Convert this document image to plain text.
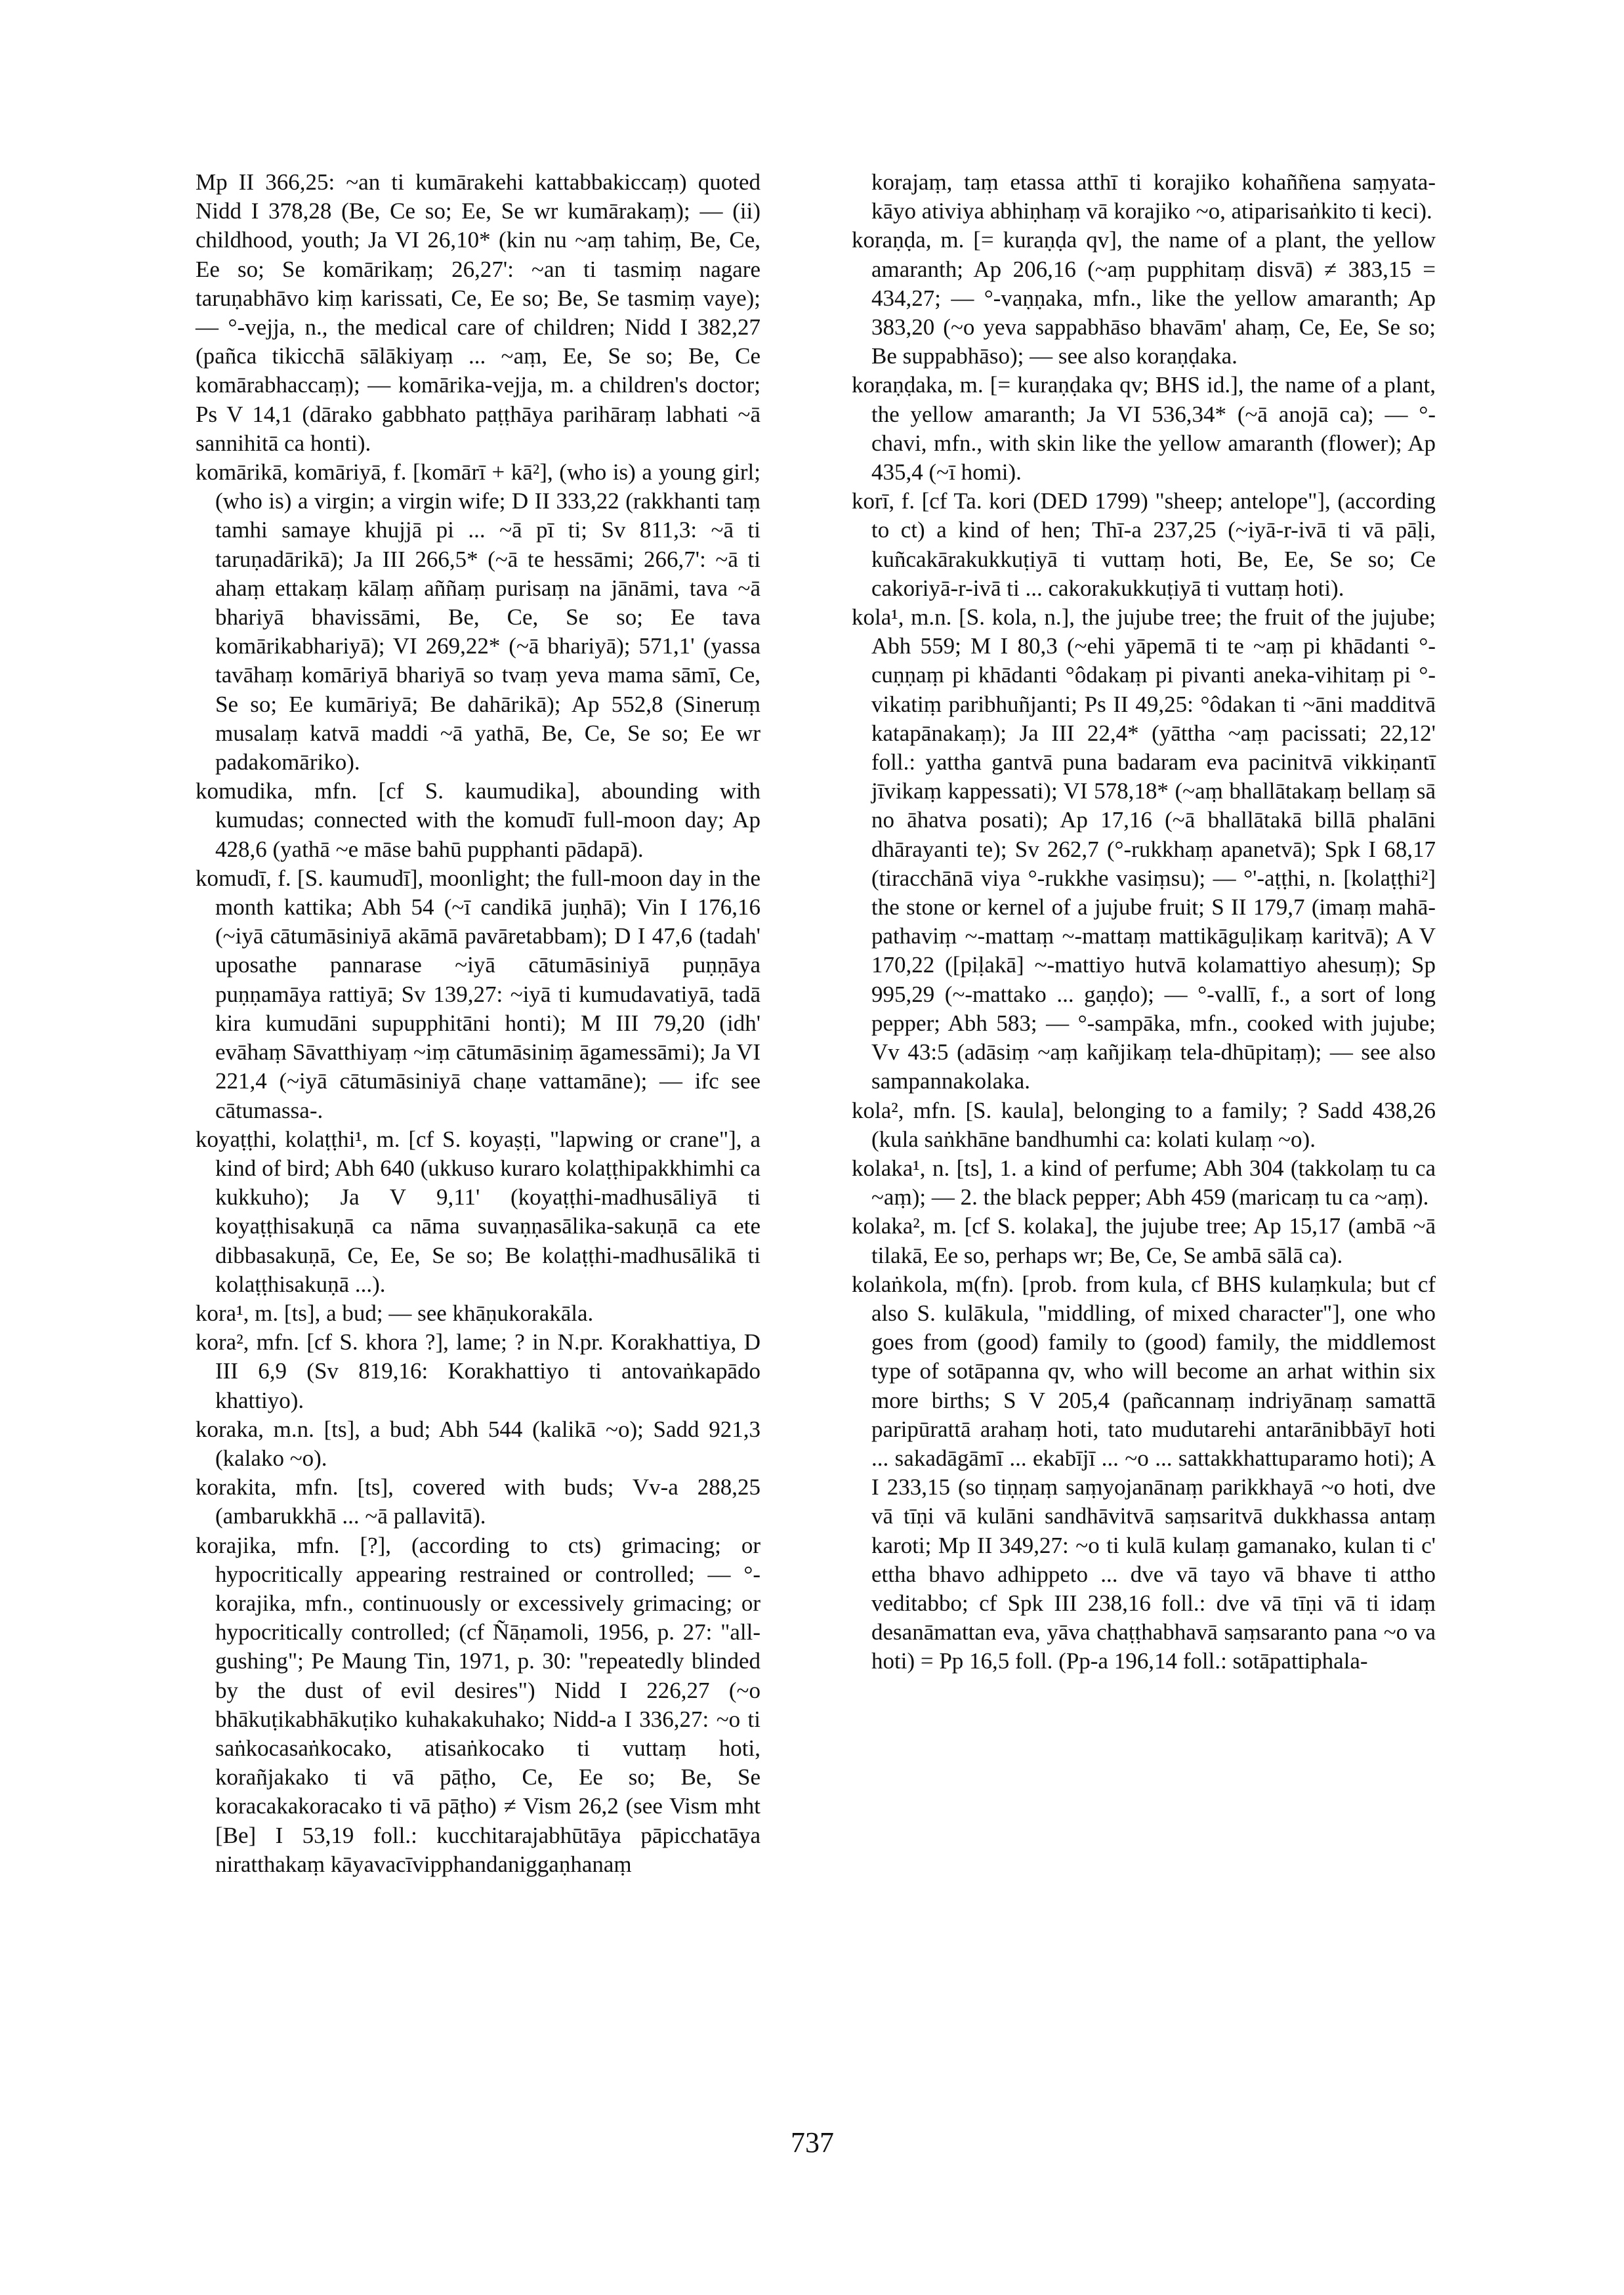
Mp II 366,25: ~an ti kumārakehi kattabbakiccaṃ) quoted Nidd I 378,28 (Be, Ce so; Ee, Se wr kumārakaṃ); — (ii) childhood, youth; Ja VI 26,10* (kin nu ~aṃ tahiṃ, Be, Ce, Ee so; Se komārikaṃ; 26,27': ~an ti tasmiṃ nagare taruṇabhāvo kiṃ karissati, Ce, Ee so; Be, Se tasmiṃ vaye); — °-vejja, n., the medical care of children; Nidd I 382,27 (pañca tikicchā sālākiyaṃ ... ~aṃ, Ee, Se so; Be, Ce komārabhaccaṃ); — komārika-vejja, m. a children's doctor; Ps V 14,1 (dārako gabbhato paṭṭhāya parihāraṃ labhati ~ā sannihitā ca honti).

komārikā, komāriyā, f. [komārī + kā²], (who is) a young girl; (who is) a virgin; a virgin wife; D II 333,22 (rakkhanti taṃ tamhi samaye khujjā pi ... ~ā pī ti; Sv 811,3: ~ā ti taruṇadārikā); Ja III 266,5* (~ā te hessāmi; 266,7': ~ā ti ahaṃ ettakaṃ kālaṃ aññaṃ purisaṃ na jānāmi, tava ~ā bhariyā bhavissāmi, Be, Ce, Se so; Ee tava komārikabhariyā); VI 269,22* (~ā bhariyā); 571,1' (yassa tavāhaṃ komāriyā bhariyā so tvaṃ yeva mama sāmī, Ce, Se so; Ee kumāriyā; Be dahārikā); Ap 552,8 (Sineruṃ musalaṃ katvā maddi ~ā yathā, Be, Ce, Se so; Ee wr padakomāriko).

komudika, mfn. [cf S. kaumudika], abounding with kumudas; connected with the komudī full-moon day; Ap 428,6 (yathā ~e māse bahū pupphanti pādapā).

komudī, f. [S. kaumudī], moonlight; the full-moon day in the month kattika; Abh 54 (~ī candikā juṇhā); Vin I 176,16 (~iyā cātumāsiniyā akāmā pavāretabbam); D I 47,6 (tadah' uposathe pannarase ~iyā cātumāsiniyā puṇṇāya puṇṇamāya rattiyā; Sv 139,27: ~iyā ti kumudavatiyā, tadā kira kumudāni supupphitāni honti); M III 79,20 (idh' evāhaṃ Sāvatthiyaṃ ~iṃ cātumāsiniṃ āgamessāmi); Ja VI 221,4 (~iyā cātumāsiniyā chaṇe vattamāne); — ifc see cātumassa-.

koyaṭṭhi, kolaṭṭhi¹, m. [cf S. koyaṣṭi, "lapwing or crane"], a kind of bird; Abh 640 (ukkuso kuraro kolaṭṭhipakkhimhi ca kukkuho); Ja V 9,11' (koyaṭṭhi-madhusāliyā ti koyaṭṭhisakuṇā ca nāma suvaṇṇasālika-sakuṇā ca ete dibbasakuṇā, Ce, Ee, Se so; Be kolaṭṭhi-madhusālikā ti kolaṭṭhisakuṇā ...).

kora¹, m. [ts], a bud; — see khāṇukorakāla.

kora², mfn. [cf S. khora ?], lame; ? in N.pr. Korakhattiya, D III 6,9 (Sv 819,16: Korakhattiyo ti antovaṅkapādo khattiyo).

koraka, m.n. [ts], a bud; Abh 544 (kalikā ~o); Sadd 921,3 (kalako ~o).

korakita, mfn. [ts], covered with buds; Vv-a 288,25 (ambarukkhā ... ~ā pallavitā).

korajika, mfn. [?], (according to cts) grimacing; or hypocritically appearing restrained or controlled; — °-korajika, mfn., continuously or excessively grimacing; or hypocritically controlled; (cf Ñāṇamoli, 1956, p. 27: "all-gushing"; Pe Maung Tin, 1971, p. 30: "repeatedly blinded by the dust of evil desires") Nidd I 226,27 (~o bhākuṭikabhākuṭiko kuhakakuhako; Nidd-a I 336,27: ~o ti saṅkocasaṅkocako, atisaṅkocako ti vuttaṃ hoti, korañjakako ti vā pāṭho, Ce, Ee so; Be, Se koracakakoracako ti vā pāṭho) ≠ Vism 26,2 (see Vism mht [Be] I 53,19 foll.: kucchitarajabhūtāya pāpicchatāya niratthakaṃ kāyavacīvipphandaniggaṇhanaṃ

korajaṃ, taṃ etassa atthī ti korajiko kohaññena saṃyata-kāyo ativiya abhiṇhaṃ vā korajiko ~o, atiparisaṅkito ti keci).

koraṇḍa, m. [= kuraṇḍa qv], the name of a plant, the yellow amaranth; Ap 206,16 (~aṃ pupphitaṃ disvā) ≠ 383,15 = 434,27; — °-vaṇṇaka, mfn., like the yellow amaranth; Ap 383,20 (~o yeva sappabhāso bhavām' ahaṃ, Ce, Ee, Se so; Be suppabhāso); — see also koraṇḍaka.

koraṇḍaka, m. [= kuraṇḍaka qv; BHS id.], the name of a plant, the yellow amaranth; Ja VI 536,34* (~ā anojā ca); — °-chavi, mfn., with skin like the yellow amaranth (flower); Ap 435,4 (~ī homi).

korī, f. [cf Ta. kori (DED 1799) "sheep; antelope"], (according to ct) a kind of hen; Thī-a 237,25 (~iyā-r-ivā ti vā pāḷi, kuñcakārakukkuṭiyā ti vuttaṃ hoti, Be, Ee, Se so; Ce cakoriyā-r-ivā ti ... cakorakukkuṭiyā ti vuttaṃ hoti).

kola¹, m.n. [S. kola, n.], the jujube tree; the fruit of the jujube; Abh 559; M I 80,3 (~ehi yāpemā ti te ~aṃ pi khādanti °-cuṇṇaṃ pi khādanti °ôdakaṃ pi pivanti aneka-vihitaṃ pi °-vikatiṃ paribhuñjanti; Ps II 49,25: °ôdakan ti ~āni madditvā katapānakaṃ); Ja III 22,4* (yāttha ~aṃ pacissati; 22,12' foll.: yattha gantvā puna badaram eva pacinitvā vikkiṇantī jīvikaṃ kappessati); VI 578,18* (~aṃ bhallātakaṃ bellaṃ sā no āhatva posati); Ap 17,16 (~ā bhallātakā billā phalāni dhārayanti te); Sv 262,7 (°-rukkhaṃ apanetvā); Spk I 68,17 (tiracchānā viya °-rukkhe vasiṃsu); — °'-aṭṭhi, n. [kolaṭṭhi²] the stone or kernel of a jujube fruit; S II 179,7 (imaṃ mahā-pathaviṃ ~-mattaṃ ~-mattaṃ mattikāguḷikaṃ karitvā); A V 170,22 ([piḷakā] ~-mattiyo hutvā kolamattiyo ahesuṃ); Sp 995,29 (~-mattako ... gaṇḍo); — °-vallī, f., a sort of long pepper; Abh 583; — °-sampāka, mfn., cooked with jujube; Vv 43:5 (adāsiṃ ~aṃ kañjikaṃ tela-dhūpitaṃ); — see also sampannakolaka.

kola², mfn. [S. kaula], belonging to a family; ? Sadd 438,26 (kula saṅkhāne bandhumhi ca: kolati kulaṃ ~o).

kolaka¹, n. [ts], 1. a kind of perfume; Abh 304 (takkolaṃ tu ca ~aṃ); — 2. the black pepper; Abh 459 (maricaṃ tu ca ~aṃ).

kolaka², m. [cf S. kolaka], the jujube tree; Ap 15,17 (ambā ~ā tilakā, Ee so, perhaps wr; Be, Ce, Se ambā sālā ca).

kolaṅkola, m(fn). [prob. from kula, cf BHS kulaṃkula; but cf also S. kulākula, "middling, of mixed character"], one who goes from (good) family to (good) family, the middlemost type of sotāpanna qv, who will become an arhat within six more births; S V 205,4 (pañcannaṃ indriyānaṃ samattā paripūrattā arahaṃ hoti, tato mudutarehi antarānibbāyī hoti ... sakadāgāmī ... ekabījī ... ~o ... sattakkhattuparamo hoti); A I 233,15 (so tiṇṇaṃ saṃyojanānaṃ parikkhayā ~o hoti, dve vā tīṇi vā kulāni sandhāvitvā saṃsaritvā dukkhassa antaṃ karoti; Mp II 349,27: ~o ti kulā kulaṃ gamanako, kulan ti c' ettha bhavo adhippeto ... dve vā tayo vā bhave ti attho veditabbo; cf Spk III 238,16 foll.: dve vā tīṇi vā ti idaṃ desanāmattan eva, yāva chaṭṭhabhavā saṃsaranto pana ~o va hoti) = Pp 16,5 foll. (Pp-a 196,14 foll.: sotāpattiphala-

737
